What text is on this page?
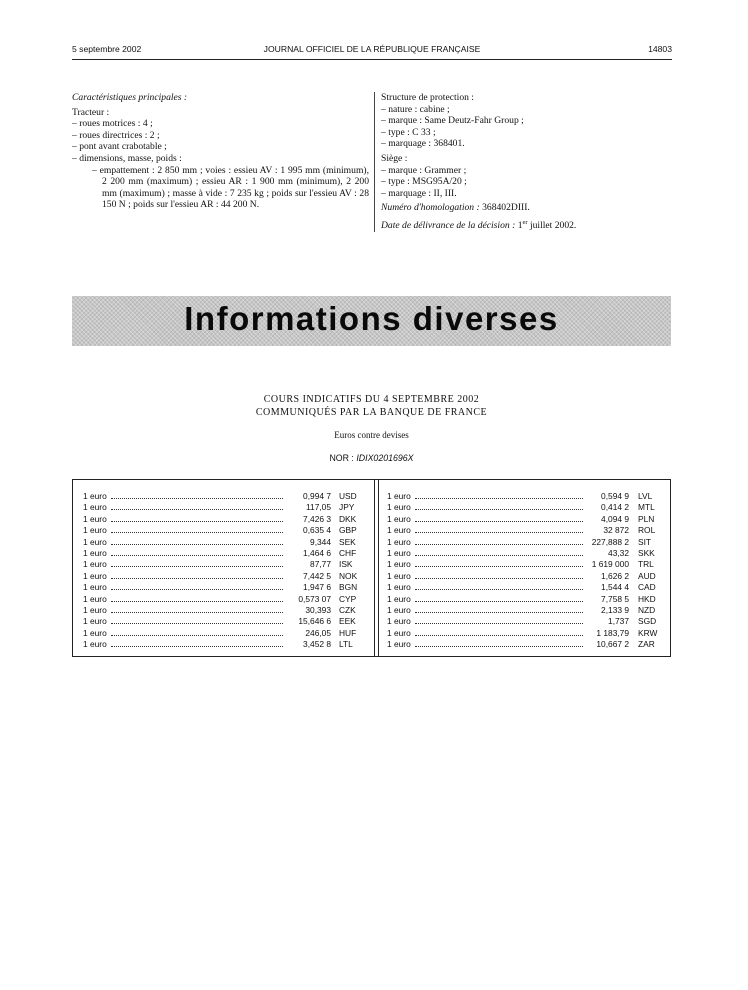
5 septembre 2002	JOURNAL OFFICIEL DE LA RÉPUBLIQUE FRANÇAISE	14803

Caractéristiques principales :

Tracteur :

– roues motrices : 4 ;

– roues directrices : 2 ;

– pont avant crabotable ;

– dimensions, masse, poids :

– empattement : 2 850 mm ; voies : essieu AV : 1 995 mm (minimum), 2 200 mm (maximum) ; essieu AR : 1 900 mm (minimum), 2 200 mm (maximum) ; masse à vide : 7 235 kg ; poids sur l'essieu AV : 28 150 N ; poids sur l'essieu AR : 44 200 N.

Structure de protection :

– nature : cabine ;

– marque : Same Deutz-Fahr Group ;

– type : C 33 ;

– marquage : 368401.

Siège :

– marque : Grammer ;

– type : MSG95A/20 ;

– marquage : II, III.

Numéro d'homologation : 368402DIII.

Date de délivrance de la décision : 1er juillet 2002.

Informations diverses
COURS INDICATIFS DU 4 SEPTEMBRE 2002
COMMUNIQUÉS PAR LA BANQUE DE FRANCE
Euros contre devises
NOR : IDIX0201696X
1 euro	0,994 7 USD
1 euro	117,05 JPY
1 euro	7,426 3 DKK
1 euro	0,635 4 GBP
1 euro	9,344 SEK
1 euro	1,464 6 CHF
1 euro	87,77 ISK
1 euro	7,442 5 NOK
1 euro	1,947 6 BGN
1 euro	0,573 07 CYP
1 euro	30,393 CZK
1 euro	15,646 6 EEK
1 euro	246,05 HUF
1 euro	3,452 8 LTL
1 euro	0,594 9 LVL
1 euro	0,414 2 MTL
1 euro	4,094 9 PLN
1 euro	32 872 ROL
1 euro	227,888 2 SIT
1 euro	43,32 SKK
1 euro	1 619 000 TRL
1 euro	1,626 2 AUD
1 euro	1,544 4 CAD
1 euro	7,758 5 HKD
1 euro	2,133 9 NZD
1 euro	1,737 SGD
1 euro	1 183,79 KRW
1 euro	10,667 2 ZAR
